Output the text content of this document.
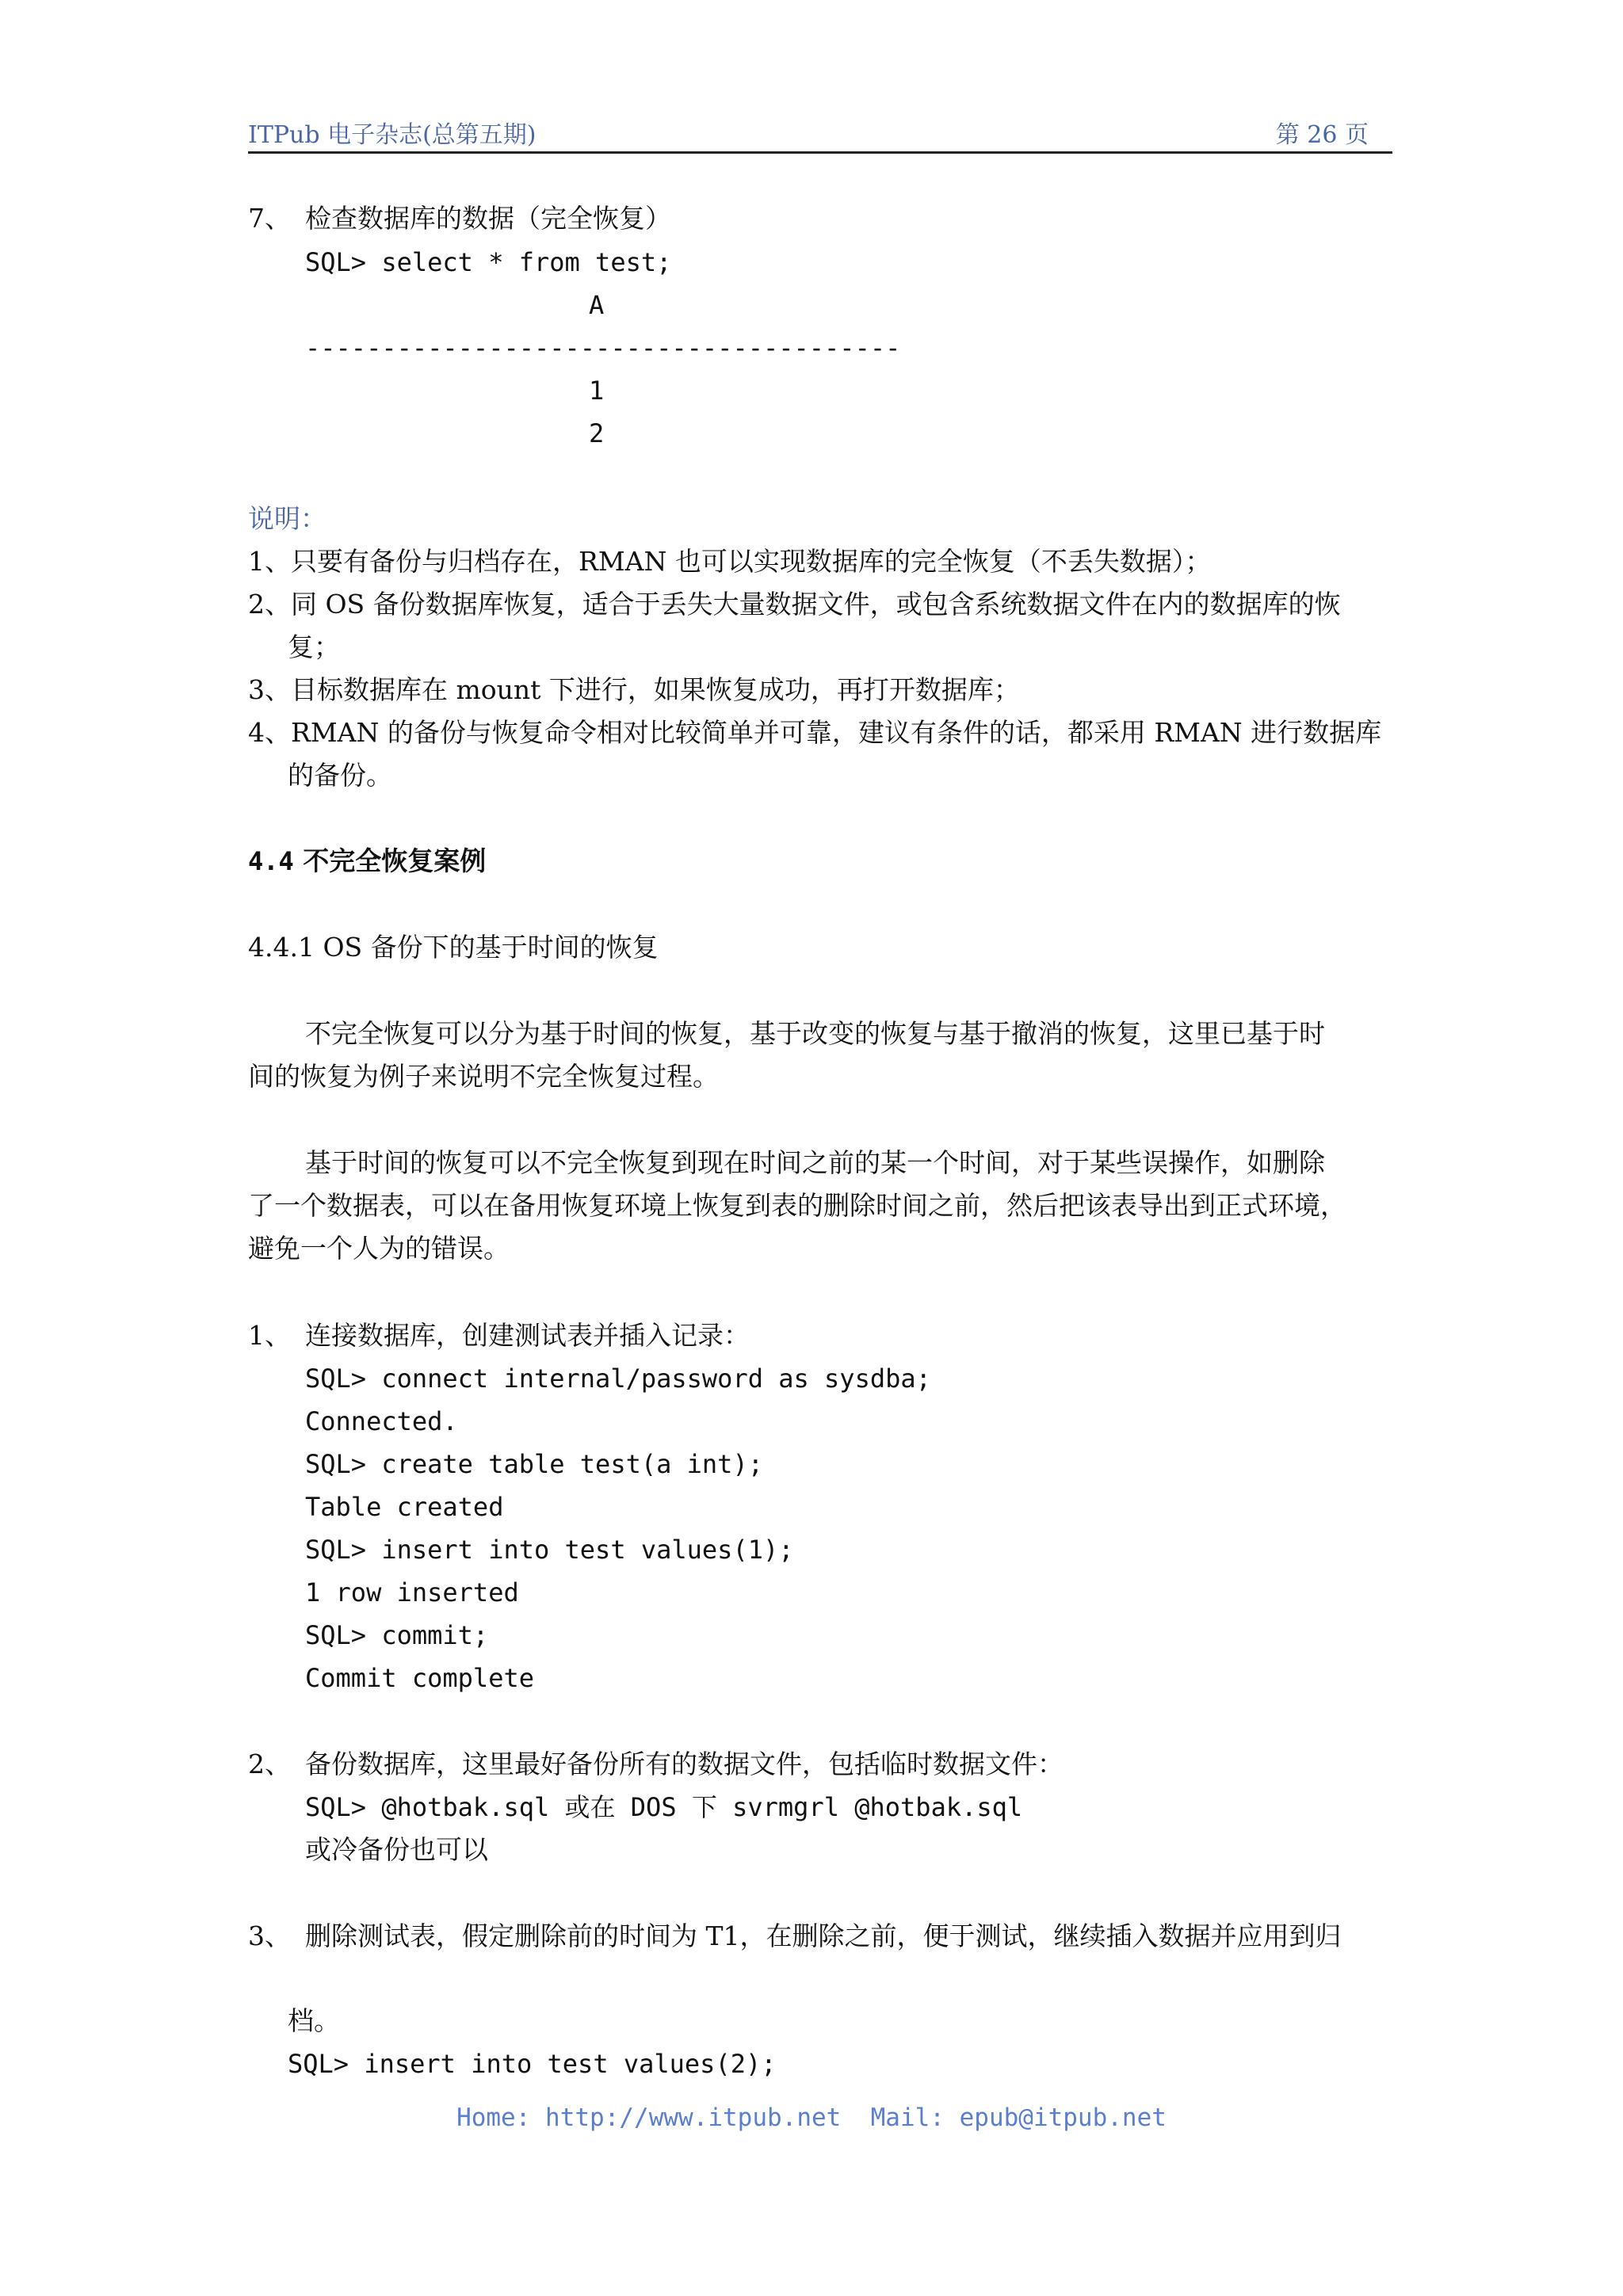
ITPub 电子杂志(总第五期)	第 26 页
7、 检查数据库的数据（完全恢复）
SQL> select * from test;
A
---------------------------------------
1
2
说明：
1、只要有备份与归档存在，RMAN 也可以实现数据库的完全恢复（不丢失数据）；
2、同 OS 备份数据库恢复，适合于丢失大量数据文件，或包含系统数据文件在内的数据库的恢
复；
3、目标数据库在 mount 下进行，如果恢复成功，再打开数据库；
4、RMAN 的备份与恢复命令相对比较简单并可靠，建议有条件的话，都采用 RMAN 进行数据库
的备份。
4.4 不完全恢复案例
4.4.1 OS 备份下的基于时间的恢复
不完全恢复可以分为基于时间的恢复，基于改变的恢复与基于撤消的恢复，这里已基于时
间的恢复为例子来说明不完全恢复过程。
基于时间的恢复可以不完全恢复到现在时间之前的某一个时间，对于某些误操作，如删除
了一个数据表，可以在备用恢复环境上恢复到表的删除时间之前，然后把该表导出到正式环境，
避免一个人为的错误。
1、 连接数据库，创建测试表并插入记录：
SQL> connect internal/password as sysdba;
Connected.
SQL> create table test(a int);
Table created
SQL> insert into test values(1);
1 row inserted
SQL> commit;
Commit complete
2、 备份数据库，这里最好备份所有的数据文件，包括临时数据文件：
SQL> @hotbak.sql 或在 DOS 下 svrmgrl @hotbak.sql
或冷备份也可以
3、 删除测试表，假定删除前的时间为 T1，在删除之前，便于测试，继续插入数据并应用到归
档。
SQL> insert into test values(2);
Home: http://www.itpub.net  Mail: epub@itpub.net
